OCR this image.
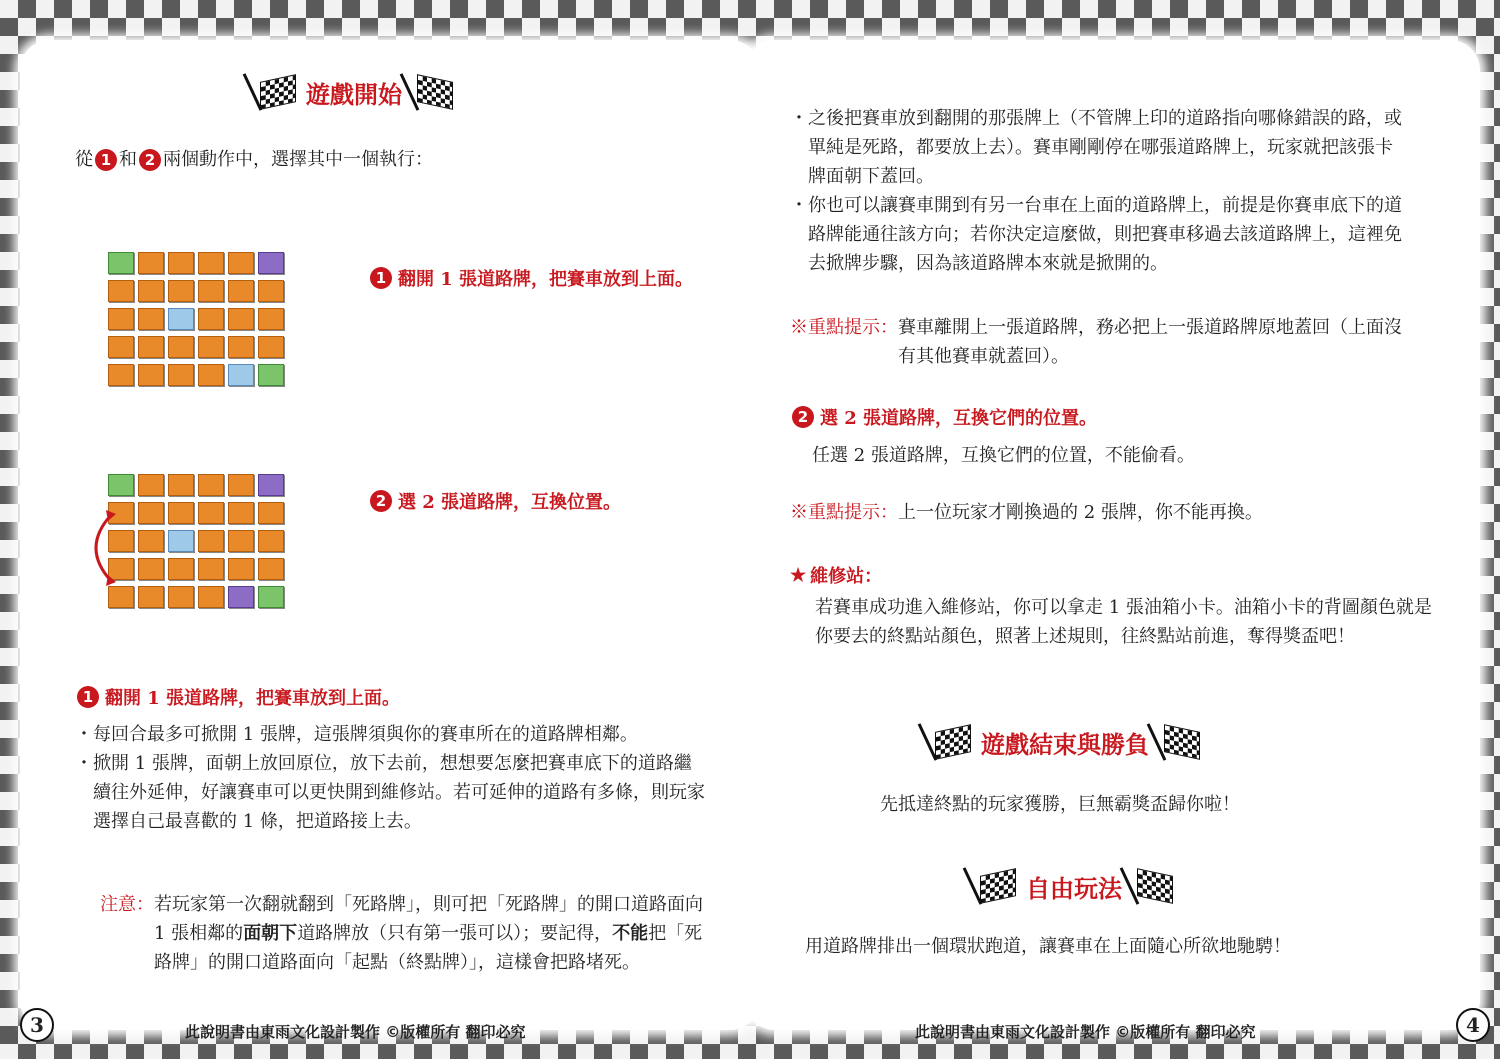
遊戲開始
從 1 和 2 兩個動作中，選擇其中一個執行：
1 翻開 1 張道路牌，把賽車放到上面。
2 選 2 張道路牌，互換位置。
1 翻開 1 張道路牌，把賽車放到上面。
・ 每回合最多可掀開 1 張牌，這張牌須與你的賽車所在的道路牌相鄰。
・ 掀開 1 張牌，面朝上放回原位，放下去前，想想要怎麼把賽車底下的道路繼續往外延伸，好讓賽車可以更快開到維修站。若可延伸的道路有多條，則玩家選擇自己最喜歡的 1 條，把道路接上去。
注意： 若玩家第一次翻就翻到「死路牌」，則可把「死路牌」的開口道路面向 1 張相鄰的面朝下道路牌放（只有第一張可以）；要記得，不能把「死路牌」的開口道路面向「起點（終點牌）」，這樣會把路堵死。
3	此說明書由東雨文化設計製作 ©版權所有 翻印必究
・ 之後把賽車放到翻開的那張牌上（不管牌上印的道路指向哪條錯誤的路，或單純是死路，都要放上去）。賽車剛剛停在哪張道路牌上，玩家就把該張卡牌面朝下蓋回。
・ 你也可以讓賽車開到有另一台車在上面的道路牌上，前提是你賽車底下的道路牌能通往該方向；若你決定這麼做，則把賽車移過去該道路牌上，這裡免去掀牌步驟，因為該道路牌本來就是掀開的。
※重點提示： 賽車離開上一張道路牌，務必把上一張道路牌原地蓋回（上面沒有其他賽車就蓋回）。
2 選 2 張道路牌，互換它們的位置。
任選 2 張道路牌，互換它們的位置，不能偷看。
※重點提示： 上一位玩家才剛換過的 2 張牌，你不能再換。
★ 維修站：
若賽車成功進入維修站，你可以拿走 1 張油箱小卡。油箱小卡的背圖顏色就是你要去的終點站顏色，照著上述規則，往終點站前進，奪得獎盃吧！
遊戲結束與勝負
先抵達終點的玩家獲勝，巨無霸獎盃歸你啦！
自由玩法
用道路牌排出一個環狀跑道，讓賽車在上面隨心所欲地馳騁！
4
此說明書由東雨文化設計製作 ©版權所有 翻印必究
